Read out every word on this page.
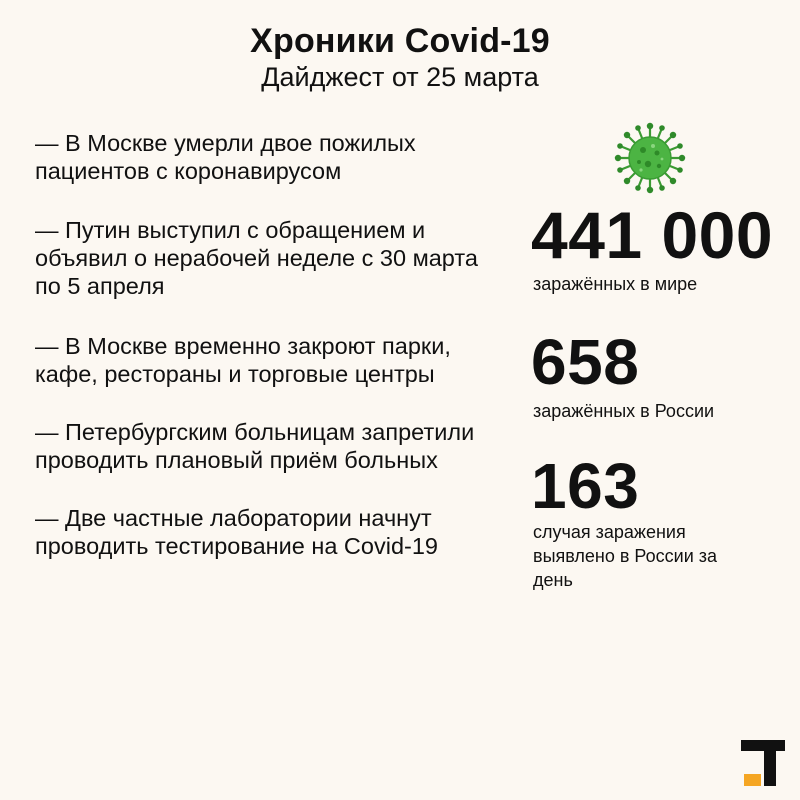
Хроники Covid-19
Дайджест от 25 марта
— В Москве умерли двое пожилых
пациентов с коронавирусом
— Путин выступил с обращением и
объявил о нерабочей неделе с 30 марта
по 5 апреля
— В Москве временно закроют парки,
кафе, рестораны и торговые центры
— Петербургским больницам запретили
проводить плановый приём больных
— Две частные лаборатории начнут
проводить тестирование на Covid-19
441 000
заражённых в мире
658
заражённых в России
163
случая заражения
выявлено в России за
день
